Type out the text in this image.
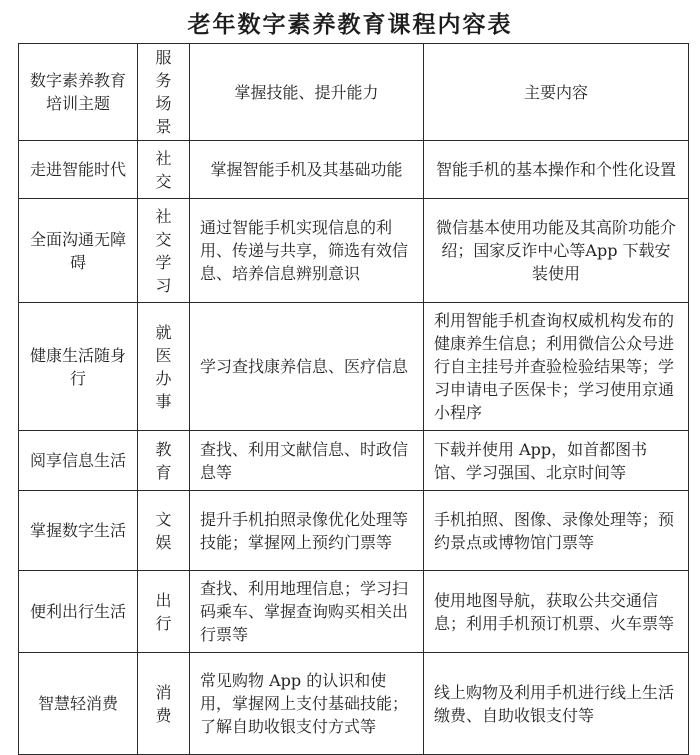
老年数字素养教育课程内容表
数字素养教育培训主题	服务场景	掌握技能、提升能力	主要内容
走进智能时代	社交	掌握智能手机及其基础功能	智能手机的基本操作和个性化设置
全面沟通无障碍	社交学习	通过智能手机实现信息的利用、传递与共享，筛选有效信息、培养信息辨别意识	微信基本使用功能及其高阶功能介绍；国家反诈中心等App 下载安装使用
健康生活随身行	就医办事	学习查找康养信息、医疗信息	利用智能手机查询权威机构发布的健康养生信息；利用微信公众号进行自主挂号并查验检验结果等；学习申请电子医保卡；学习使用京通小程序
阅享信息生活	教育	查找、利用文献信息、时政信息等	下载并使用 App，如首都图书馆、学习强国、北京时间等
掌握数字生活	文娱	提升手机拍照录像优化处理等技能；掌握网上预约门票等	手机拍照、图像、录像处理等；预约景点或博物馆门票等
便利出行生活	出行	查找、利用地理信息；学习扫码乘车、掌握查询购买相关出行票等	使用地图导航，获取公共交通信息；利用手机预订机票、火车票等
智慧轻消费	消费	常见购物 App 的认识和使用，掌握网上支付基础技能；了解自助收银支付方式等	线上购物及利用手机进行线上生活缴费、自助收银支付等
